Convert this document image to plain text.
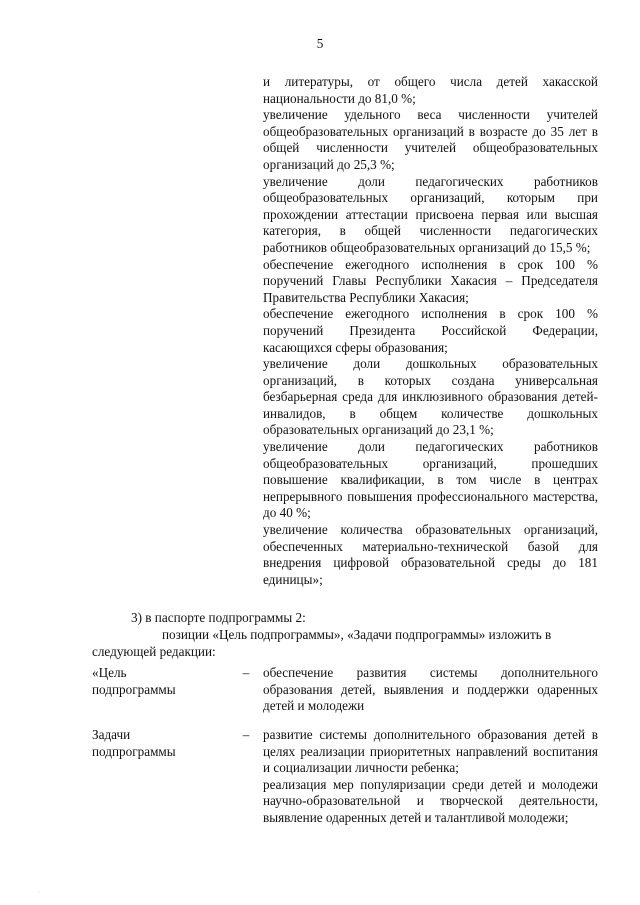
5

и литературы, от общего числа детей хакасской национальности до 81,0 %;

увеличение удельного веса численности учителей общеобразовательных организаций в возрасте до 35 лет в общей численности учителей общеобразовательных организаций до 25,3 %;

увеличение доли педагогических работников общеобразовательных организаций, которым при прохождении аттестации присвоена первая или высшая категория, в общей численности педагогических работников общеобразовательных организаций до 15,5 %;

обеспечение ежегодного исполнения в срок 100 % поручений Главы Республики Хакасия – Председателя Правительства Республики Хакасия;

обеспечение ежегодного исполнения в срок 100 % поручений Президента Российской Федерации, касающихся сферы образования;

увеличение доли дошкольных образовательных организаций, в которых создана универсальная безбарьерная среда для инклюзивного образования детей-инвалидов, в общем количестве дошкольных образовательных организаций до 23,1 %;

увеличение доли педагогических работников общеобразовательных организаций, прошедших повышение квалификации, в том числе в центрах непрерывного повышения профессионального мастерства, до 40 %;

увеличение количества образовательных организаций, обеспеченных материально-технической базой для внедрения цифровой образовательной среды до 181 единицы»;

3) в паспорте подпрограммы 2:
позиции «Цель подпрограммы», «Задачи подпрограммы» изложить в
следующей редакции:
«Цель
подпрограммы
– обеспечение развития системы дополнительного образования детей, выявления и поддержки одаренных детей и молодежи

Задачи
подпрограммы
– развитие системы дополнительного образования детей в целях реализации приоритетных направлений воспитания и социализации личности ребенка;

реализация мер популяризации среди детей и молодежи научно-образовательной и творческой деятельности, выявление одаренных детей и талантливой молодежи;

·
